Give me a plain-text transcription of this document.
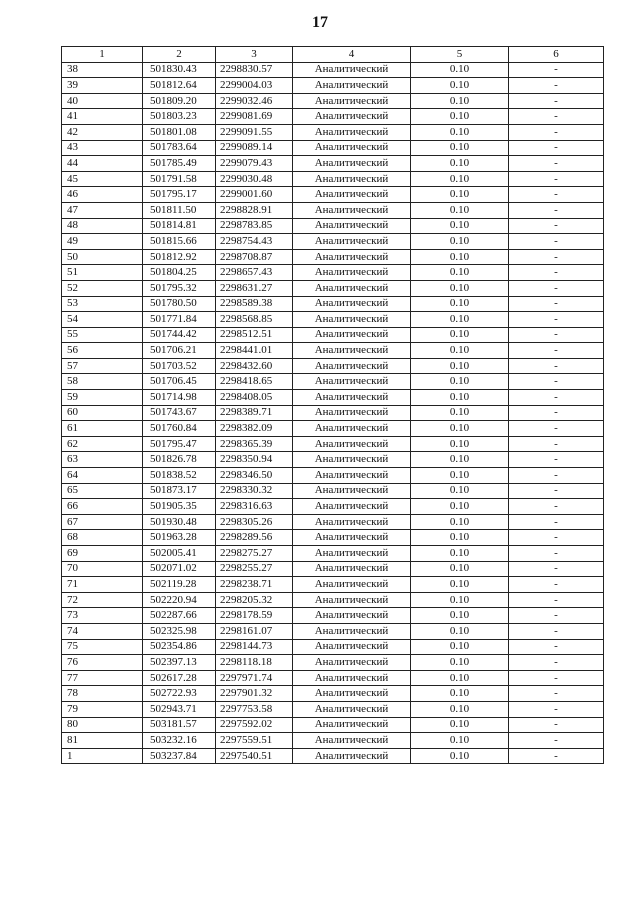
17
1	2	3	4	5	6
38	501830.43	2298830.57	Аналитический	0.10	-
39	501812.64	2299004.03	Аналитический	0.10	-
40	501809.20	2299032.46	Аналитический	0.10	-
41	501803.23	2299081.69	Аналитический	0.10	-
42	501801.08	2299091.55	Аналитический	0.10	-
43	501783.64	2299089.14	Аналитический	0.10	-
44	501785.49	2299079.43	Аналитический	0.10	-
45	501791.58	2299030.48	Аналитический	0.10	-
46	501795.17	2299001.60	Аналитический	0.10	-
47	501811.50	2298828.91	Аналитический	0.10	-
48	501814.81	2298783.85	Аналитический	0.10	-
49	501815.66	2298754.43	Аналитический	0.10	-
50	501812.92	2298708.87	Аналитический	0.10	-
51	501804.25	2298657.43	Аналитический	0.10	-
52	501795.32	2298631.27	Аналитический	0.10	-
53	501780.50	2298589.38	Аналитический	0.10	-
54	501771.84	2298568.85	Аналитический	0.10	-
55	501744.42	2298512.51	Аналитический	0.10	-
56	501706.21	2298441.01	Аналитический	0.10	-
57	501703.52	2298432.60	Аналитический	0.10	-
58	501706.45	2298418.65	Аналитический	0.10	-
59	501714.98	2298408.05	Аналитический	0.10	-
60	501743.67	2298389.71	Аналитический	0.10	-
61	501760.84	2298382.09	Аналитический	0.10	-
62	501795.47	2298365.39	Аналитический	0.10	-
63	501826.78	2298350.94	Аналитический	0.10	-
64	501838.52	2298346.50	Аналитический	0.10	-
65	501873.17	2298330.32	Аналитический	0.10	-
66	501905.35	2298316.63	Аналитический	0.10	-
67	501930.48	2298305.26	Аналитический	0.10	-
68	501963.28	2298289.56	Аналитический	0.10	-
69	502005.41	2298275.27	Аналитический	0.10	-
70	502071.02	2298255.27	Аналитический	0.10	-
71	502119.28	2298238.71	Аналитический	0.10	-
72	502220.94	2298205.32	Аналитический	0.10	-
73	502287.66	2298178.59	Аналитический	0.10	-
74	502325.98	2298161.07	Аналитический	0.10	-
75	502354.86	2298144.73	Аналитический	0.10	-
76	502397.13	2298118.18	Аналитический	0.10	-
77	502617.28	2297971.74	Аналитический	0.10	-
78	502722.93	2297901.32	Аналитический	0.10	-
79	502943.71	2297753.58	Аналитический	0.10	-
80	503181.57	2297592.02	Аналитический	0.10	-
81	503232.16	2297559.51	Аналитический	0.10	-
1	503237.84	2297540.51	Аналитический	0.10	-
